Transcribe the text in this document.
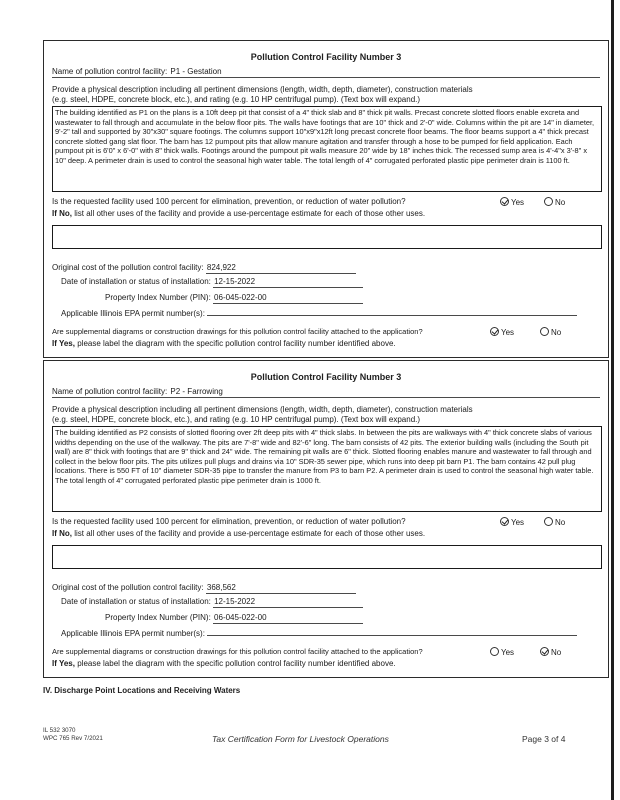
Pollution Control Facility Number 3
Name of pollution control facility: P1 - Gestation
Provide a physical description including all pertinent dimensions (length, width, depth, diameter), construction materials
(e.g. steel, HDPE, concrete block, etc.), and rating (e.g. 10 HP centrifugal pump). (Text box will expand.)
The building identified as P1 on the plans is a 10ft deep pit that consist of a 4" thick slab and 8" thick pit walls. Precast concrete slotted floors enable excreta and wastewater to fall through and accumulate in the below floor pits. The walls have footings that are 10" thick and 2'-0" wide. Columns within the pit are 14" in diameter, 9'-2" tall and supported by 30"x30" square footings. The columns support 10"x9"x12ft long precast concrete floor beams. The floor beams support a 4" thick precast concrete slotted gang slat floor. The barn has 12 pumpout pits that allow manure agitation and transfer through a hose to be pumped for field application. Each pumpout pit is 6'0" x 6'-0" with 8" thick walls. Footings around the pumpout pit walls measure 20" wide by 18" inches thick. The recessed sump area is 4'-4"x 3'-8" x 10" deep. A perimeter drain is used to control the seasonal high water table. The total length of 4" corrugated perforated plastic pipe perimeter drain is 1100 ft.
Is the requested facility used 100 percent for elimination, prevention, or reduction of water pollution?	Yes	No
If No, list all other uses of the facility and provide a use-percentage estimate for each of those other uses.
Original cost of the pollution control facility: 824,922
Date of installation or status of installation: 12-15-2022
Property Index Number (PIN): 06-045-022-00
Applicable Illinois EPA permit number(s):
Are supplemental diagrams or construction drawings for this pollution control facility attached to the application?	Yes	No
If Yes, please label the diagram with the specific pollution control facility number identified above.
Pollution Control Facility Number 3
Name of pollution control facility: P2 - Farrowing
Provide a physical description including all pertinent dimensions (length, width, depth, diameter), construction materials
(e.g. steel, HDPE, concrete block, etc.), and rating (e.g. 10 HP centrifugal pump). (Text box will expand.)
The building identified as P2 consists of slotted flooring over 2ft deep pits with 4" thick slabs. In between the pits are walkways with 4" thick concrete slabs of various widths depending on the use of the walkway. The pits are 7'-8" wide and 82'-6" long. The barn consists of 42 pits. The exterior building walls (including the South pit wall) are 8" thick with footings that are 9" thick and 24" wide. The remaining pit walls are 6" thick. Slotted flooring enables manure and wastewater to fall through and collect in the below floor pits. The pits utilizes pull plugs and drains via 10" SDR-35 sewer pipe, which runs into deep pit barn P1. The barn contains 42 pull plug locations. There is 550 FT of 10" diameter SDR-35 pipe to transfer the manure from P3 to barn P2. A perimeter drain is used to control the seasonal high water table. The total length of 4" corrugated perforated plastic pipe perimeter drain is 1000 ft.
Is the requested facility used 100 percent for elimination, prevention, or reduction of water pollution?	Yes	No
If No, list all other uses of the facility and provide a use-percentage estimate for each of those other uses.
Original cost of the pollution control facility: 368,562
Date of installation or status of installation: 12-15-2022
Property Index Number (PIN): 06-045-022-00
Applicable Illinois EPA permit number(s):
Are supplemental diagrams or construction drawings for this pollution control facility attached to the application?	Yes	No
If Yes, please label the diagram with the specific pollution control facility number identified above.
IV. Discharge Point Locations and Receiving Waters
IL 532 3070
WPC 765 Rev 7/2021	Tax Certification Form for Livestock Operations	Page 3 of 4
